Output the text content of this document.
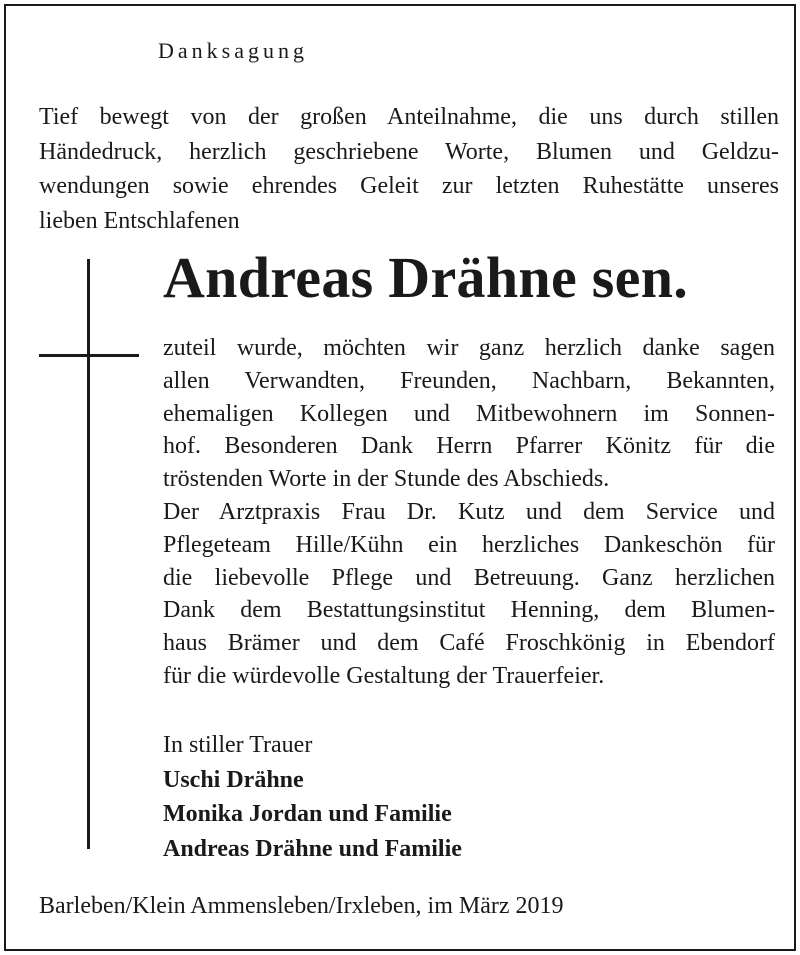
Danksagung
Tief bewegt von der großen Anteilnahme, die uns durch stillen
Händedruck, herzlich geschriebene Worte, Blumen und Geldzu-
wendungen sowie ehrendes Geleit zur letzten Ruhestätte unseres
lieben Entschlafenen
Andreas Drähne sen.
zuteil wurde, möchten wir ganz herzlich danke sagen
allen Verwandten, Freunden, Nachbarn, Bekannten,
ehemaligen Kollegen und Mitbewohnern im Sonnen-
hof. Besonderen Dank Herrn Pfarrer Könitz für die
tröstenden Worte in der Stunde des Abschieds.
Der Arztpraxis Frau Dr. Kutz und dem Service und
Pflegeteam Hille/Kühn ein herzliches Dankeschön für
die liebevolle Pflege und Betreuung. Ganz herzlichen
Dank dem Bestattungsinstitut Henning, dem Blumen-
haus Brämer und dem Café Froschkönig in Ebendorf
für die würdevolle Gestaltung der Trauerfeier.
In stiller Trauer
Uschi Drähne
Monika Jordan und Familie
Andreas Drähne und Familie
Barleben/Klein Ammensleben/Irxleben, im März 2019
